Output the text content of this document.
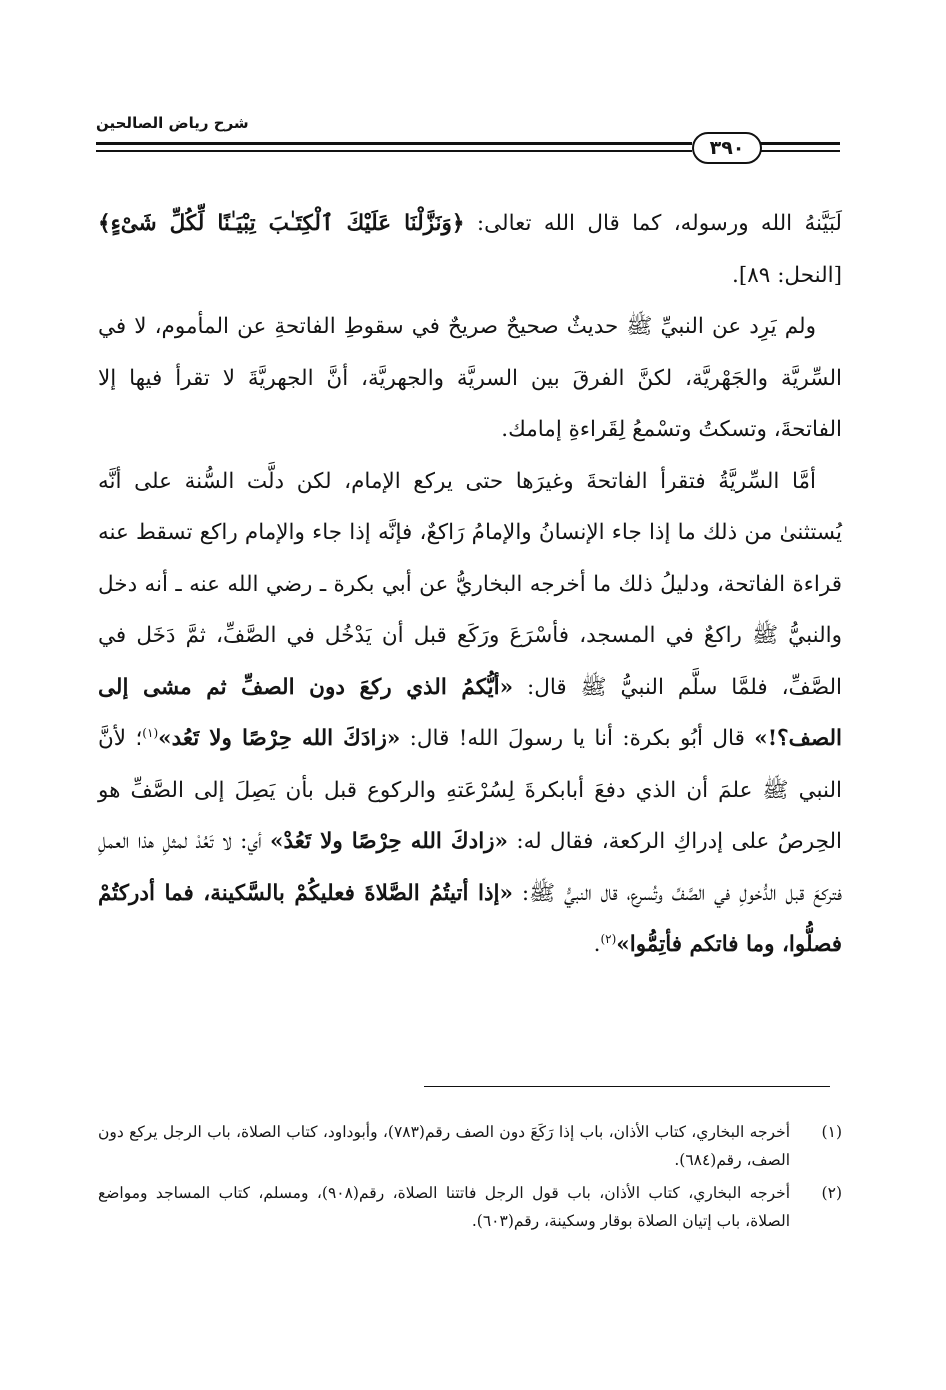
شرح رياض الصالحين
٣٩٠

لَبَيَّنهُ الله ورسوله، كما قال الله تعالى: ﴿وَنَزَّلْنَا عَلَيْكَ ٱلْكِتَـٰبَ تِبْيَـٰنًا لِّكُلِّ شَىْءٍ﴾ [النحل: ٨٩].

ولم يَرِد عن النبيِّ ﷺ حديثٌ صحيحٌ صريحٌ في سقوطِ الفاتحةِ عن المأموم، لا في السِّريَّة والجَهْريَّة، لكنَّ الفرقَ بين السريَّة والجهريَّة، أنَّ الجهريَّةَ لا تقرأ فيها إلا الفاتحةَ، وتسكتُ وتسْمعُ لِقَراءةِ إمامك.

أمَّا السِّريَّةُ فتقرأ الفاتحةَ وغيرَها حتى يركع الإمام، لكن دلَّت السُّنة على أنَّه يُستثنىٰ من ذلك ما إذا جاء الإنسانُ والإمامُ رَاكعٌ، فإنَّه إذا جاء والإمام راكع تسقط عنه قراءة الفاتحة، ودليلُ ذلك ما أخرجه البخاريُّ عن أبي بكرة ـ رضي الله عنه ـ أنه دخل والنبيُّ ﷺ راكعٌ في المسجد، فأسْرَعَ ورَكَع قبل أن يَدْخُل في الصَّفِّ، ثمَّ دَخَل في الصَّفِّ، فلمَّا سلَّم النبيُّ ﷺ قال: «أيُّكمُ الذي ركعَ دون الصفِّ ثم مشى إلى الصف؟!» قال أبُو بكرة: أنا يا رسولَ الله! قال: «زادَكَ الله حِرْصًا ولا تَعُد»$^{(١)}$؛ لأنَّ النبي ﷺ علمَ أن الذي دفعَ أبابكرةَ لِسُرْعَتهِ والركوع قبل بأن يَصِلَ إلى الصَّفِّ هو الحِرصُ على إدراكِ الركعة، فقال له: «زادكَ الله حِرْصًا ولا تَعُدْ» أي: لا تَعُدْ لمثلِ هذا العملِ فتركعَ قبل الدُّخولِ في الصَّفِّ وتُسرع، قال النبيُّ ﷺ: «إذا أتيتُمُ الصَّلاةَ فعليكُمْ بالسَّكينة، فما أدركتُمْ فصلُّوا، وما فاتكم فأتِمُّوا»$^{(٢)}$.

(١)
أخرجه البخاري، كتاب الأذان، باب إذا رَكَعَ دون الصف رقم(٧٨٣)، وأبوداود، كتاب الصلاة، باب الرجل يركع دون الصف، رقم(٦٨٤).
(٢)
أخرجه البخاري، كتاب الأذان، باب قول الرجل فاتتنا الصلاة، رقم(٩٠٨)، ومسلم، كتاب المساجد ومواضع الصلاة، باب إتيان الصلاة بوقار وسكينة، رقم(٦٠٣).
